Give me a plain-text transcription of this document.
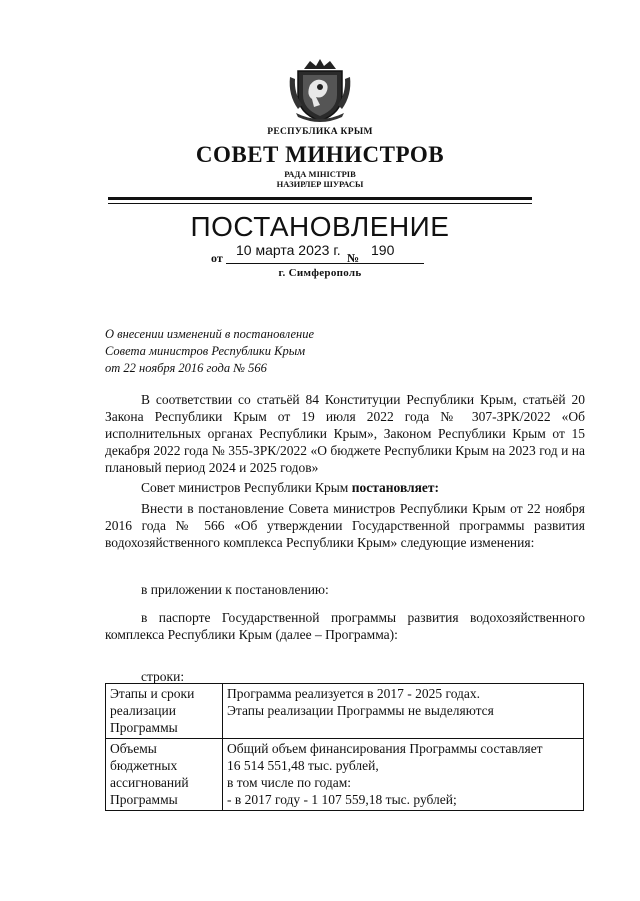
РЕСПУБЛИКА КРЫМ
СОВЕТ МИНИСТРОВ
РАДА МІНІСТРІВ
НАЗИРЛЕР ШУРАСЫ
ПОСТАНОВЛЕНИЕ
от 10 марта 2023 г. № 190
г. Симферополь
О внесении изменений в постановление
Совета министров Республики Крым
от 22 ноября 2016 года № 566

В соответствии со статьёй 84 Конституции Республики Крым, статьёй 20 Закона Республики Крым от 19 июля 2022 года № 307-ЗРК/2022 «Об исполнительных органах Республики Крым», Законом Республики Крым от 15 декабря 2022 года № 355-ЗРК/2022 «О бюджете Республики Крым на 2023 год и на плановый период 2024 и 2025 годов»

Совет министров Республики Крым постановляет:

Внести в постановление Совета министров Республики Крым от 22 ноября 2016 года № 566 «Об утверждении Государственной программы развития водохозяйственного комплекса Республики Крым» следующие изменения:

в приложении к постановлению:

в паспорте Государственной программы развития водохозяйственного комплекса Республики Крым (далее – Программа):

строки:

Этапы и сроки
реализации
Программы	Программа реализуется в 2017 - 2025 годах.
Этапы реализации Программы не выделяются

Объемы
бюджетных
ассигнований
Программы	Общий объем финансирования Программы составляет
16 514 551,48 тыс. рублей,
в том числе по годам:
- в 2017 году - 1 107 559,18 тыс. рублей;
